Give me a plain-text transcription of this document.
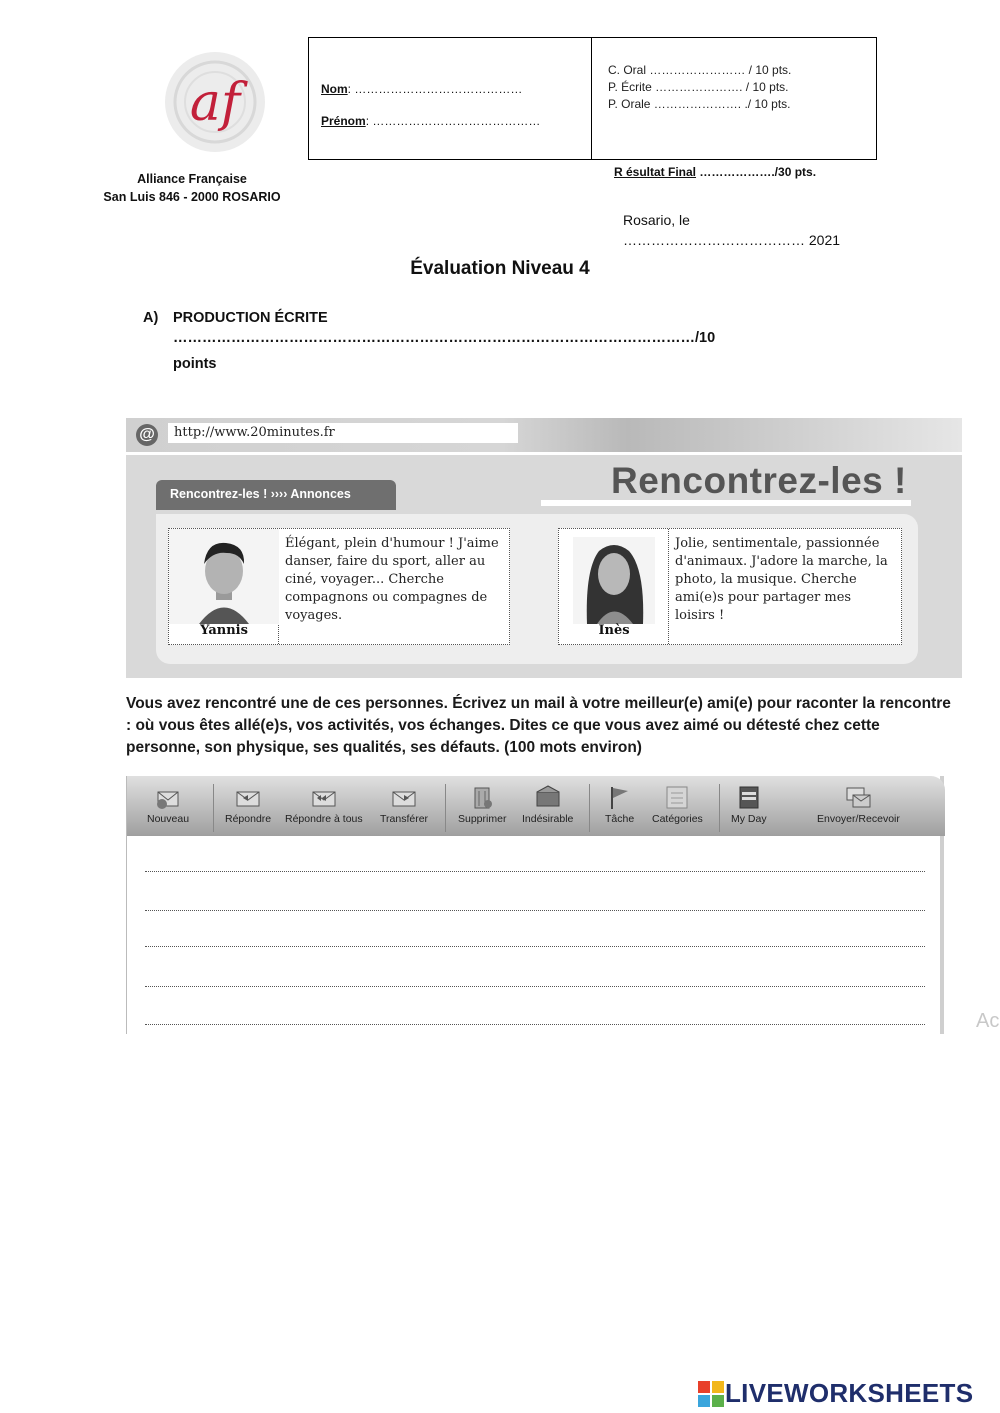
af
Alliance Française
San Luis 846 - 2000 ROSARIO
Nom: ……………………………………
Prénom: ……………………………………
C. Oral …………………… / 10 pts.
P. Écrite …………………. / 10 pts.
P. Orale …………………. ./ 10 pts.
R ésultat Final ………………./30 pts.
Rosario, le
………………………………… 2021
Évaluation Niveau 4
A) PRODUCTION ÉCRITE
………………………………………………………………………………………………/10
points
@	http://www.20minutes.fr
Rencontrez-les ! ›››› Annonces	Rencontrez-les !
Yannis
Élégant, plein d'humour ! J'aime danser, faire du sport, aller au ciné, voyager... Cherche compagnons ou compagnes de voyages.
Inès
Jolie, sentimentale, passionnée d'animaux. J'adore la marche, la photo, la musique. Cherche ami(e)s pour partager mes loisirs !
Vous avez rencontré une de ces personnes. Écrivez un mail à votre meilleur(e) ami(e) pour raconter la rencontre : où vous êtes allé(e)s, vos activités, vos échanges. Dites ce que vous avez aimé ou détesté chez cette personne, son physique, ses qualités, ses défauts. (100 mots environ)
Nouveau	Répondre Répondre à tous Transférer	Supprimer Indésirable	Tâche Catégories	My Day	Envoyer/Recevoir
Ac
LIVEWORKSHEETS
